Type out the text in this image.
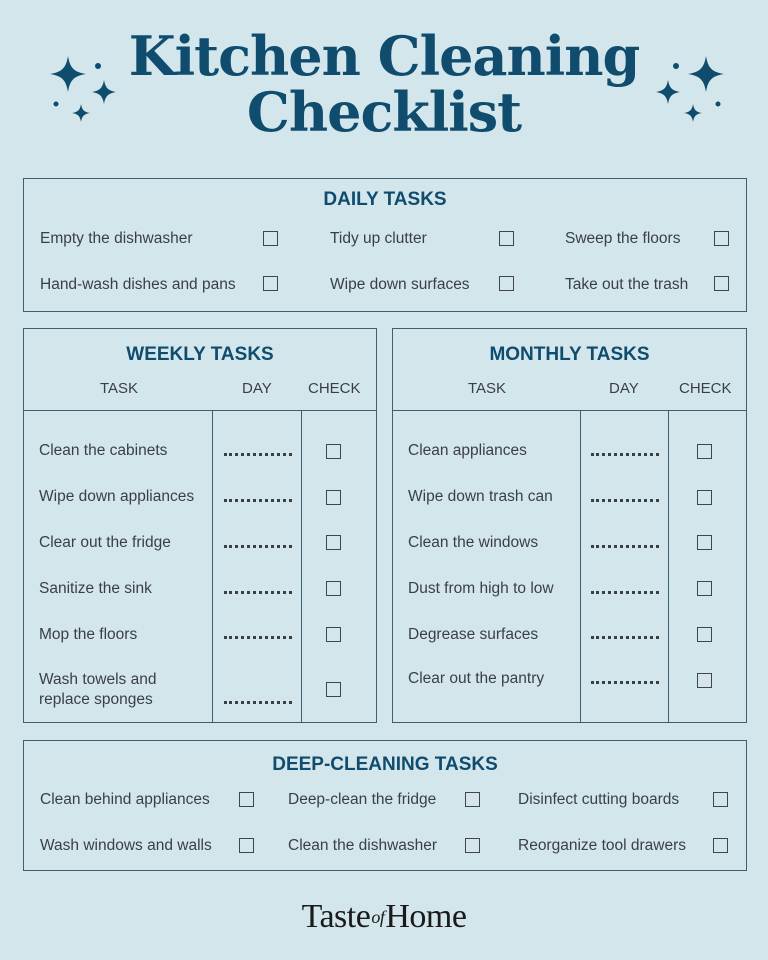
Kitchen Cleaning
Checklist
DAILY TASKS
Empty the dishwasher	Tidy up clutter	Sweep the floors
Hand-wash dishes and pans	Wipe down surfaces	Take out the trash
WEEKLY TASKS
TASK	DAY CHECK
Clean the cabinets
Wipe down appliances
Clear out the fridge
Sanitize the sink
Mop the floors
Wash towels and replace sponges
MONTHLY TASKS
TASK	DAY	CHECK
Clean appliances
Wipe down trash can
Clean the windows
Dust from high to low
Degrease surfaces
Clear out the pantry
DEEP-CLEANING TASKS
Clean behind appliances	Deep-clean the fridge	Disinfect cutting boards
Wash windows and walls	Clean the dishwasher	Reorganize tool drawers
TasteofHome
